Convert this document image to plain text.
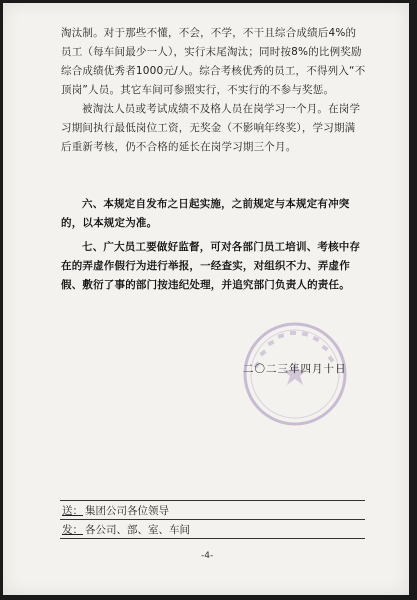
淘汰制。对于那些不懂，不会，不学，不干且综合成绩后4%的员工（每车间最少一人），实行末尾淘汰；同时按8%的比例奖励综合成绩优秀者1000元/人。综合考核优秀的员工，不得列入“不顶岗”人员。其它车间可参照实行，不实行的不参与奖惩。

被淘汰人员或考试成绩不及格人员在岗学习一个月。在岗学习期间执行最低岗位工资，无奖金（不影响年终奖），学习期满后重新考核，仍不合格的延长在岗学习期三个月。

六、本规定自发布之日起实施，之前规定与本规定有冲突的，以本规定为准。

七、广大员工要做好监督，可对各部门员工培训、考核中存在的弄虚作假行为进行举报，一经查实，对组织不力、弄虚作假、敷衍了事的部门按违纪处理，并追究部门负责人的责任。

二〇二三年四月十日
送： 集团公司各位领导
发： 各公司、部、室、车间
-4-
